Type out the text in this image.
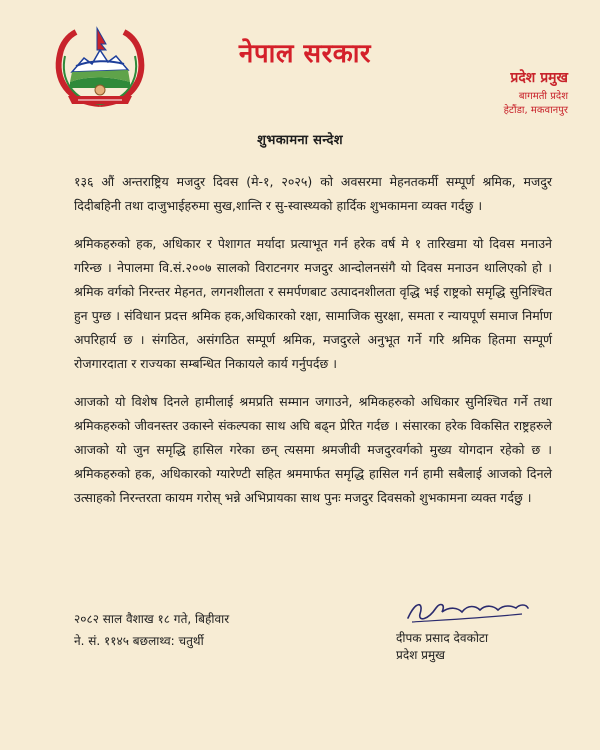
नेपाल सरकार
प्रदेश प्रमुख
बागमती प्रदेश
हेटौंडा, मकवानपुर
शुभकामना सन्देश

१३६ औं अन्तराष्ट्रिय मजदुर दिवस (मे-१, २०२५) को अवसरमा मेहनतकर्मी सम्पूर्ण श्रमिक, मजदुर दिदीबहिनी तथा दाजुभाईहरुमा सुख,शान्ति र सु-स्वास्थ्यको हार्दिक शुभकामना व्यक्त गर्दछु ।

श्रमिकहरुको हक, अधिकार र पेशागत मर्यादा प्रत्याभूत गर्न हरेक वर्ष मे १ तारिखमा यो दिवस मनाउने गरिन्छ । नेपालमा वि.सं.२००७ सालको विराटनगर मजदुर आन्दोलनसंगै यो दिवस मनाउन थालिएको हो । श्रमिक वर्गको निरन्तर मेहनत, लगनशीलता र समर्पणबाट उत्पादनशीलता वृद्धि भई राष्ट्रको समृद्धि सुनिश्चित हुन पुग्छ । संविधान प्रदत्त श्रमिक हक,अधिकारको रक्षा, सामाजिक सुरक्षा, समता र न्यायपूर्ण समाज निर्माण अपरिहार्य छ । संगठित, असंगठित सम्पूर्ण श्रमिक, मजदुरले अनुभूत गर्ने गरि श्रमिक हितमा सम्पूर्ण रोजगारदाता र राज्यका सम्बन्धित निकायले कार्य गर्नुपर्दछ ।

आजको यो विशेष दिनले हामीलाई श्रमप्रति सम्मान जगाउने, श्रमिकहरुको अधिकार सुनिश्चित गर्ने तथा श्रमिकहरुको जीवनस्तर उकास्ने संकल्पका साथ अघि बढ्न प्रेरित गर्दछ । संसारका हरेक विकसित राष्ट्रहरुले आजको यो जुन समृद्धि हासिल गरेका छन् त्यसमा श्रमजीवी मजदुरवर्गको मुख्य योगदान रहेको छ । श्रमिकहरुको हक, अधिकारको ग्यारेण्टी सहित श्रममार्फत समृद्धि हासिल गर्न हामी सबैलाई आजको दिनले उत्साहको निरन्तरता कायम गरोस् भन्ने अभिप्रायका साथ पुनः मजदुर दिवसको शुभकामना व्यक्त गर्दछु ।

२०८२ साल वैशाख १८ गते, बिहीवार
ने. सं. ११४५ बछलाथ्व: चतुर्थी	दीपक प्रसाद देवकोटा
प्रदेश प्रमुख
